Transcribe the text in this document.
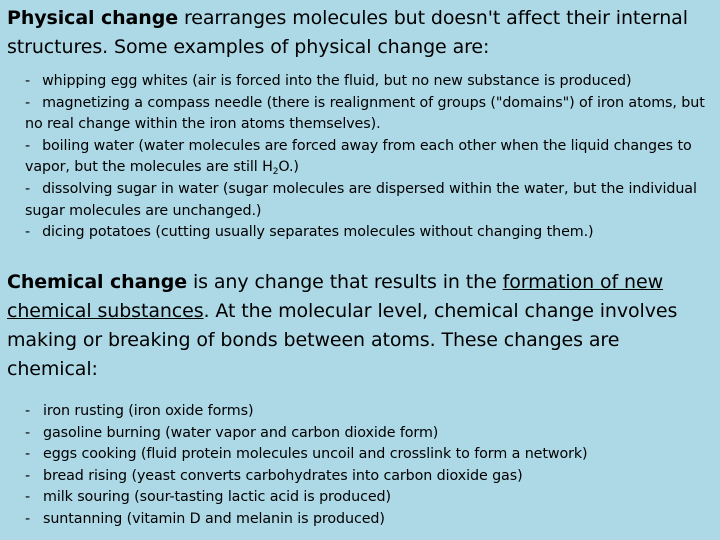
Physical change rearranges molecules but doesn't affect their internal structures. Some examples of physical change are:

- whipping egg whites (air is forced into the fluid, but no new substance is produced)

- magnetizing a compass needle (there is realignment of groups ("domains") of iron atoms, but no real change within the iron atoms themselves).

- boiling water (water molecules are forced away from each other when the liquid changes to vapor, but the molecules are still $H_2O$.)

- dissolving sugar in water (sugar molecules are dispersed within the water, but the individual sugar molecules are unchanged.)

- dicing potatoes (cutting usually separates molecules without changing them.)

Chemical change is any change that results in the formation of new chemical substances. At the molecular level, chemical change involves making or breaking of bonds between atoms. These changes are chemical:

- iron rusting (iron oxide forms)
- gasoline burning (water vapor and carbon dioxide form)
- eggs cooking (fluid protein molecules uncoil and crosslink to form a network)
- bread rising (yeast converts carbohydrates into carbon dioxide gas)
- milk souring (sour-tasting lactic acid is produced)
- suntanning (vitamin D and melanin is produced)
